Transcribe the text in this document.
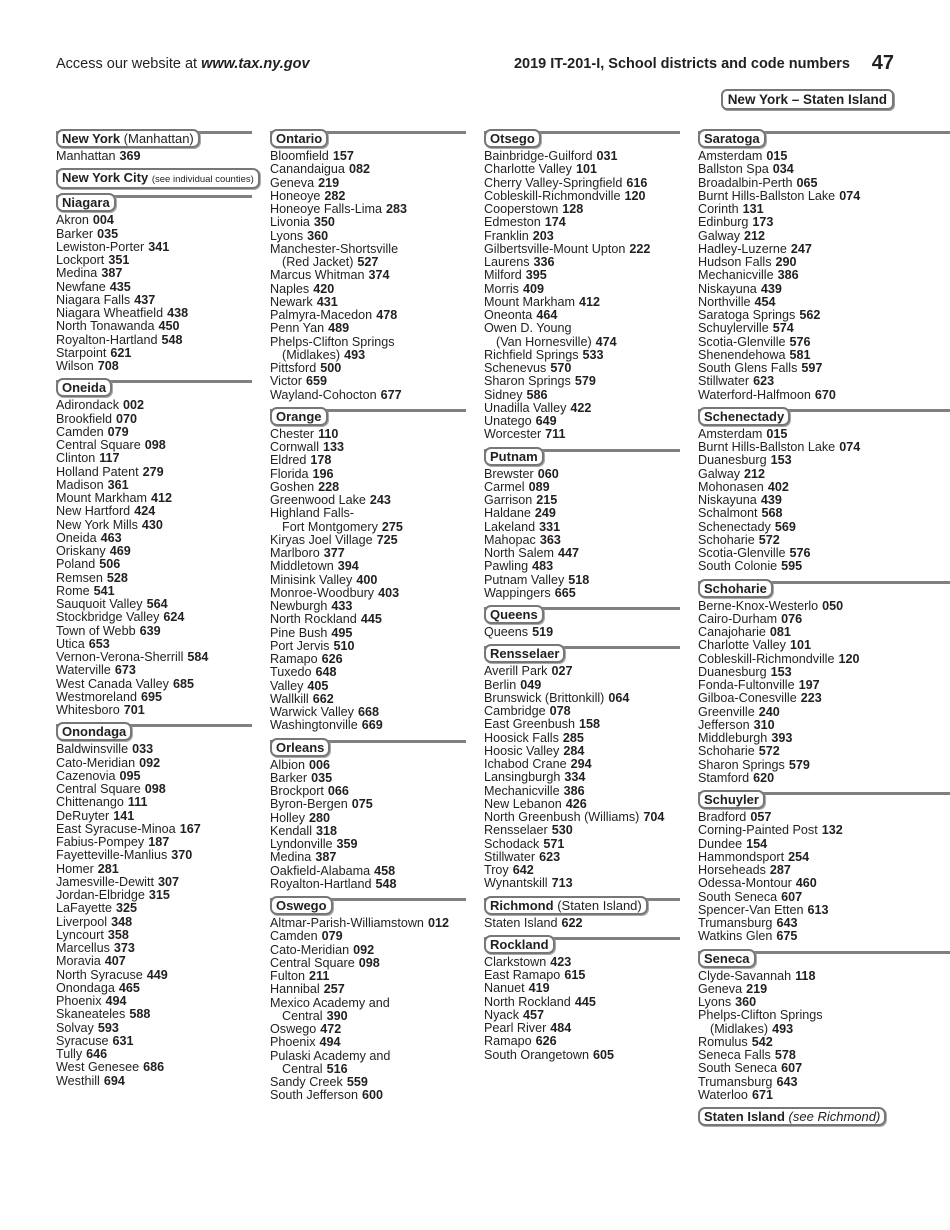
Access our website at www.tax.ny.gov	2019 IT-201-I, School districts and code numbers 47
New York – Staten Island
New York (Manhattan)
Manhattan 369
New York City (see individual counties)
Niagara
Akron 004
Barker 035
Lewiston-Porter 341
Lockport 351
Medina 387
Newfane 435
Niagara Falls 437
Niagara Wheatfield 438
North Tonawanda 450
Royalton-Hartland 548
Starpoint 621
Wilson 708
Oneida
Adirondack 002
Brookfield 070
Camden 079
Central Square 098
Clinton 117
Holland Patent 279
Madison 361
Mount Markham 412
New Hartford 424
New York Mills 430
Oneida 463
Oriskany 469
Poland 506
Remsen 528
Rome 541
Sauquoit Valley 564
Stockbridge Valley 624
Town of Webb 639
Utica 653
Vernon-Verona-Sherrill 584
Waterville 673
West Canada Valley 685
Westmoreland 695
Whitesboro 701
Onondaga
Baldwinsville 033
Cato-Meridian 092
Cazenovia 095
Central Square 098
Chittenango 111
DeRuyter 141
East Syracuse-Minoa 167
Fabius-Pompey 187
Fayetteville-Manlius 370
Homer 281
Jamesville-Dewitt 307
Jordan-Elbridge 315
LaFayette 325
Liverpool 348
Lyncourt 358
Marcellus 373
Moravia 407
North Syracuse 449
Onondaga 465
Phoenix 494
Skaneateles 588
Solvay 593
Syracuse 631
Tully 646
West Genesee 686
Westhill 694
Ontario
Bloomfield 157
Canandaigua 082
Geneva 219
Honeoye 282
Honeoye Falls-Lima 283
Livonia 350
Lyons 360
Manchester-Shortsville
(Red Jacket) 527
Marcus Whitman 374
Naples 420
Newark 431
Palmyra-Macedon 478
Penn Yan 489
Phelps-Clifton Springs
(Midlakes) 493
Pittsford 500
Victor 659
Wayland-Cohocton 677
Orange
Chester 110
Cornwall 133
Eldred 178
Florida 196
Goshen 228
Greenwood Lake 243
Highland Falls-
Fort Montgomery 275
Kiryas Joel Village 725
Marlboro 377
Middletown 394
Minisink Valley 400
Monroe-Woodbury 403
Newburgh 433
North Rockland 445
Pine Bush 495
Port Jervis 510
Ramapo 626
Tuxedo 648
Valley 405
Wallkill 662
Warwick Valley 668
Washingtonville 669
Orleans
Albion 006
Barker 035
Brockport 066
Byron-Bergen 075
Holley 280
Kendall 318
Lyndonville 359
Medina 387
Oakfield-Alabama 458
Royalton-Hartland 548
Oswego
Altmar-Parish-Williamstown 012
Camden 079
Cato-Meridian 092
Central Square 098
Fulton 211
Hannibal 257
Mexico Academy and
Central 390
Oswego 472
Phoenix 494
Pulaski Academy and
Central 516
Sandy Creek 559
South Jefferson 600
Otsego
Bainbridge-Guilford 031
Charlotte Valley 101
Cherry Valley-Springfield 616
Cobleskill-Richmondville 120
Cooperstown 128
Edmeston 174
Franklin 203
Gilbertsville-Mount Upton 222
Laurens 336
Milford 395
Morris 409
Mount Markham 412
Oneonta 464
Owen D. Young
(Van Hornesville) 474
Richfield Springs 533
Schenevus 570
Sharon Springs 579
Sidney 586
Unadilla Valley 422
Unatego 649
Worcester 711
Putnam
Brewster 060
Carmel 089
Garrison 215
Haldane 249
Lakeland 331
Mahopac 363
North Salem 447
Pawling 483
Putnam Valley 518
Wappingers 665
Queens
Queens 519
Rensselaer
Averill Park 027
Berlin 049
Brunswick (Brittonkill) 064
Cambridge 078
East Greenbush 158
Hoosick Falls 285
Hoosic Valley 284
Ichabod Crane 294
Lansingburgh 334
Mechanicville 386
New Lebanon 426
North Greenbush (Williams) 704
Rensselaer 530
Schodack 571
Stillwater 623
Troy 642
Wynantskill 713
Richmond (Staten Island)
Staten Island 622
Rockland
Clarkstown 423
East Ramapo 615
Nanuet 419
North Rockland 445
Nyack 457
Pearl River 484
Ramapo 626
South Orangetown 605
Saratoga
Amsterdam 015
Ballston Spa 034
Broadalbin-Perth 065
Burnt Hills-Ballston Lake 074
Corinth 131
Edinburg 173
Galway 212
Hadley-Luzerne 247
Hudson Falls 290
Mechanicville 386
Niskayuna 439
Northville 454
Saratoga Springs 562
Schuylerville 574
Scotia-Glenville 576
Shenendehowa 581
South Glens Falls 597
Stillwater 623
Waterford-Halfmoon 670
Schenectady
Amsterdam 015
Burnt Hills-Ballston Lake 074
Duanesburg 153
Galway 212
Mohonasen 402
Niskayuna 439
Schalmont 568
Schenectady 569
Schoharie 572
Scotia-Glenville 576
South Colonie 595
Schoharie
Berne-Knox-Westerlo 050
Cairo-Durham 076
Canajoharie 081
Charlotte Valley 101
Cobleskill-Richmondville 120
Duanesburg 153
Fonda-Fultonville 197
Gilboa-Conesville 223
Greenville 240
Jefferson 310
Middleburgh 393
Schoharie 572
Sharon Springs 579
Stamford 620
Schuyler
Bradford 057
Corning-Painted Post 132
Dundee 154
Hammondsport 254
Horseheads 287
Odessa-Montour 460
South Seneca 607
Spencer-Van Etten 613
Trumansburg 643
Watkins Glen 675
Seneca
Clyde-Savannah 118
Geneva 219
Lyons 360
Phelps-Clifton Springs
(Midlakes) 493
Romulus 542
Seneca Falls 578
South Seneca 607
Trumansburg 643
Waterloo 671
Staten Island (see Richmond)
